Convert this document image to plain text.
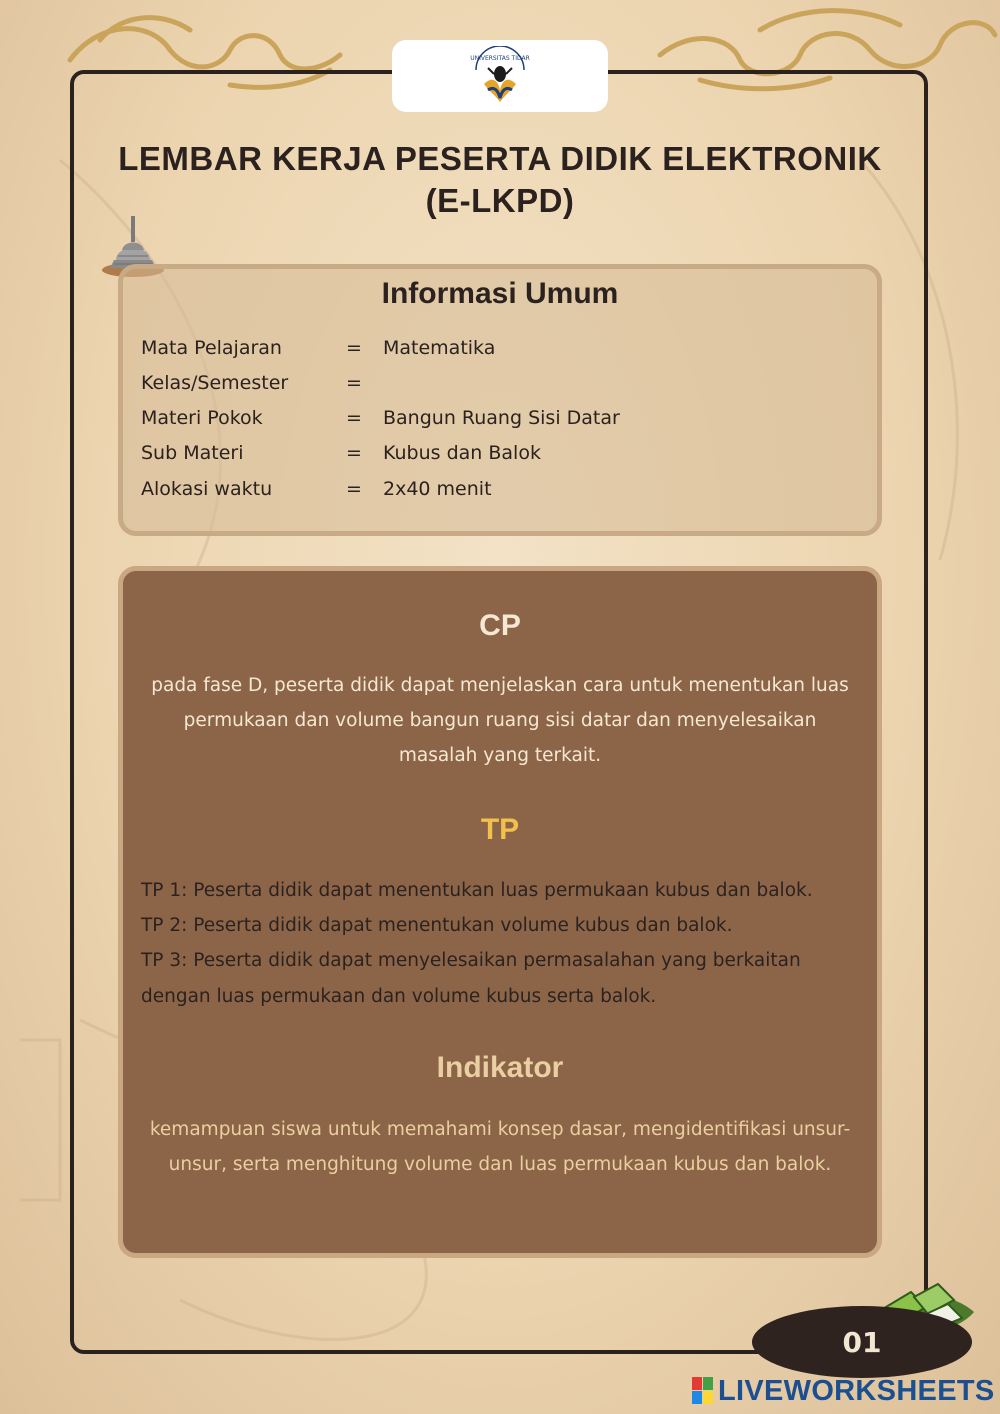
UNIVERSITAS TIDAR
LEMBAR KERJA PESERTA DIDIK ELEKTRONIK
(E-LKPD)
Informasi Umum
Mata Pelajaran	= Matematika
Kelas/Semester	=
Materi Pokok	= Bangun Ruang Sisi Datar
Sub Materi	= Kubus dan Balok
Alokasi waktu	= 2x40 menit
CP
pada fase D, peserta didik dapat menjelaskan cara untuk menentukan luas permukaan dan volume bangun ruang sisi datar dan menyelesaikan masalah yang terkait.
TP
TP 1: Peserta didik dapat menentukan luas permukaan kubus dan balok.
TP 2: Peserta didik dapat menentukan volume kubus dan balok.
TP 3: Peserta didik dapat menyelesaikan permasalahan yang berkaitan
dengan luas permukaan dan volume kubus serta balok.
Indikator
kemampuan siswa untuk memahami konsep dasar, mengidentifikasi unsur-unsur, serta menghitung volume dan luas permukaan kubus dan balok.
01
LIVEWORKSHEETS
